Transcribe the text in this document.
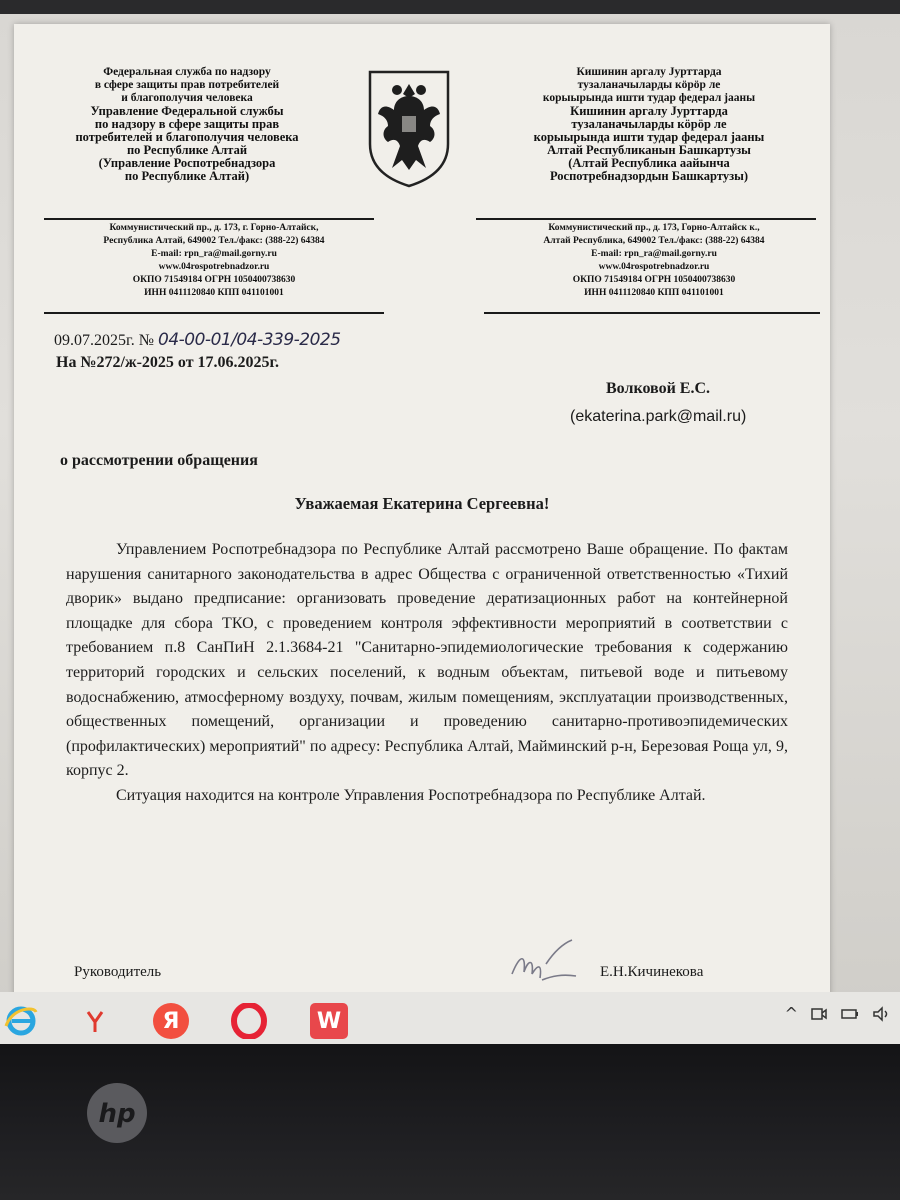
Федеральная служба по надзору
в сфере защиты прав потребителей
и благополучия человека
Управление Федеральной службы
по надзору в сфере защиты прав
потребителей и благополучия человека
по Республике Алтай
(Управление Роспотребнадзора
по Республике Алтай)
Кишинин аргалу Јурттарда
тузаланачыларды кӧрӧр ле
корыырында ишти тудар федерал јааны
Кишинин аргалу Јурттарда
тузаланачыларды кӧрӧр ле
корыырында ишти тудар федерал јааны
Алтай Республиканын Башкартузы
(Алтай Республика аайынча
Роспотребнадзордын Башкартузы)
Коммунистический пр., д. 173, г. Горно-Алтайск,
Республика Алтай, 649002 Тел./факс: (388-22) 64384
E-mail: rpn_ra@mail.gorny.ru
www.04rospotrebnadzor.ru
ОКПО 71549184 ОГРН 1050400738630
ИНН 0411120840 КПП 041101001
Коммунистический пр., д. 173, Горно-Алтайск к.,
Алтай Республика, 649002 Тел./факс: (388-22) 64384
E-mail: rpn_ra@mail.gorny.ru
www.04rospotrebnadzor.ru
ОКПО 71549184 ОГРН 1050400738630
ИНН 0411120840 КПП 041101001
09.07.2025г. № 04-00-01/04-339-2025
На №272/ж-2025 от 17.06.2025г.
Волковой Е.С.
(ekaterina.park@mail.ru)
о рассмотрении обращения
Уважаемая Екатерина Сергеевна!

Управлением Роспотребнадзора по Республике Алтай рассмотрено Ваше обращение. По фактам нарушения санитарного законодательства в адрес Общества с ограниченной ответственностью «Тихий дворик» выдано предписание: организовать проведение дератизационных работ на контейнерной площадке для сбора ТКО, с проведением контроля эффективности мероприятий в соответствии с требованием п.8 СанПиН 2.1.3684-21 "Санитарно-эпидемиологические требования к содержанию территорий городских и сельских поселений, к водным объектам, питьевой воде и питьевому водоснабжению, атмосферному воздуху, почвам, жилым помещениям, эксплуатации производственных, общественных помещений, организации и проведению санитарно-противоэпидемических (профилактических) мероприятий" по адресу: Республика Алтай, Майминский р-н, Березовая Роща ул, 9, корпус 2.

Ситуация находится на контроле Управления Роспотребнадзора по Республике Алтай.

Руководитель	Е.Н.Кичинекова
Я	W	^
hp
